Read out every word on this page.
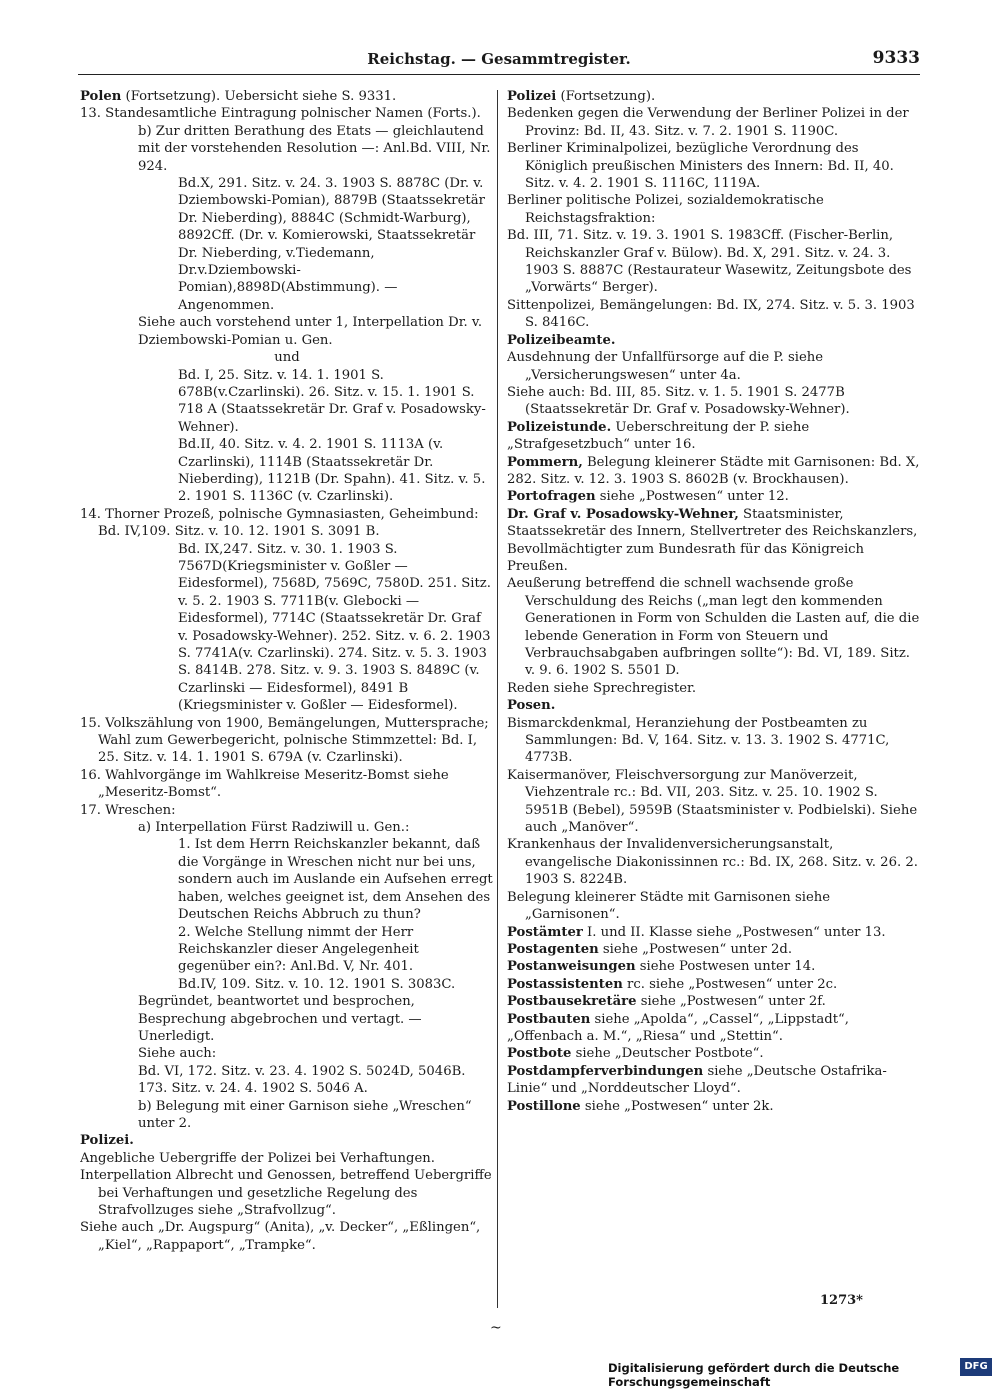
Reichstag. — Gesammtregister.	9333

Polen (Fortsetzung). Uebersicht siehe S. 9331.

13. Standesamtliche Eintragung polnischer Namen (Forts.).

b) Zur dritten Berathung des Etats — gleichlautend mit der vorstehenden Resolution —: Anl.Bd. VIII, Nr. 924.

Bd.X, 291. Sitz. v. 24. 3. 1903 S. 8878C (Dr. v. Dziembowski-Pomian), 8879B (Staatssekretär Dr. Nieberding), 8884C (Schmidt-Warburg), 8892Cff. (Dr. v. Komierowski, Staatssekretär Dr. Nieberding, v.Tiedemann, Dr.v.Dziembowski-Pomian),8898D(Abstimmung). — Angenommen.

Siehe auch vorstehend unter 1, Interpellation Dr. v. Dziembowski-Pomian u. Gen.

und

Bd. I, 25. Sitz. v. 14. 1. 1901 S. 678B(v.Czarlinski). 26. Sitz. v. 15. 1. 1901 S. 718 A (Staatssekretär Dr. Graf v. Posadowsky-Wehner).

Bd.II, 40. Sitz. v. 4. 2. 1901 S. 1113A (v. Czarlinski), 1114B (Staatssekretär Dr. Nieberding), 1121B (Dr. Spahn). 41. Sitz. v. 5. 2. 1901 S. 1136C (v. Czarlinski).

14. Thorner Prozeß, polnische Gymnasiasten, Geheimbund: Bd. IV,109. Sitz. v. 10. 12. 1901 S. 3091 B.

Bd. IX,247. Sitz. v. 30. 1. 1903 S. 7567D(Kriegsminister v. Goßler — Eidesformel), 7568D, 7569C, 7580D. 251. Sitz. v. 5. 2. 1903 S. 7711B(v. Glebocki — Eidesformel), 7714C (Staatssekretär Dr. Graf v. Posadowsky-Wehner). 252. Sitz. v. 6. 2. 1903 S. 7741A(v. Czarlinski). 274. Sitz. v. 5. 3. 1903 S. 8414B. 278. Sitz. v. 9. 3. 1903 S. 8489C (v. Czarlinski — Eidesformel), 8491 B (Kriegsminister v. Goßler — Eidesformel).

15. Volkszählung von 1900, Bemängelungen, Muttersprache; Wahl zum Gewerbegericht, polnische Stimmzettel: Bd. I, 25. Sitz. v. 14. 1. 1901 S. 679A (v. Czarlinski).

16. Wahlvorgänge im Wahlkreise Meseritz-Bomst siehe „Meseritz-Bomst“.

17. Wreschen:

a) Interpellation Fürst Radziwill u. Gen.:

1. Ist dem Herrn Reichskanzler bekannt, daß die Vorgänge in Wreschen nicht nur bei uns, sondern auch im Auslande ein Aufsehen erregt haben, welches geeignet ist, dem Ansehen des Deutschen Reichs Abbruch zu thun?

2. Welche Stellung nimmt der Herr Reichskanzler dieser Angelegenheit gegenüber ein?: Anl.Bd. V, Nr. 401.

Bd.IV, 109. Sitz. v. 10. 12. 1901 S. 3083C.

Begründet, beantwortet und besprochen, Besprechung abgebrochen und vertagt. — Unerledigt.

Siehe auch:

Bd. VI, 172. Sitz. v. 23. 4. 1902 S. 5024D, 5046B. 173. Sitz. v. 24. 4. 1902 S. 5046 A.

b) Belegung mit einer Garnison siehe „Wreschen“ unter 2.

Polizei.

Angebliche Uebergriffe der Polizei bei Verhaftungen.

Interpellation Albrecht und Genossen, betreffend Uebergriffe bei Verhaftungen und gesetzliche Regelung des Strafvollzuges siehe „Strafvollzug“.

Siehe auch „Dr. Augspurg“ (Anita), „v. Decker“, „Eßlingen“, „Kiel“, „Rappaport“, „Trampke“.

Polizei (Fortsetzung).

Bedenken gegen die Verwendung der Berliner Polizei in der Provinz: Bd. II, 43. Sitz. v. 7. 2. 1901 S. 1190C.

Berliner Kriminalpolizei, bezügliche Verordnung des Königlich preußischen Ministers des Innern: Bd. II, 40. Sitz. v. 4. 2. 1901 S. 1116C, 1119A.

Berliner politische Polizei, sozialdemokratische Reichstagsfraktion:

Bd. III, 71. Sitz. v. 19. 3. 1901 S. 1983Cff. (Fischer-Berlin, Reichskanzler Graf v. Bülow). Bd. X, 291. Sitz. v. 24. 3. 1903 S. 8887C (Restaurateur Wasewitz, Zeitungsbote des „Vorwärts“ Berger).

Sittenpolizei, Bemängelungen: Bd. IX, 274. Sitz. v. 5. 3. 1903 S. 8416C.

Polizeibeamte.

Ausdehnung der Unfallfürsorge auf die P. siehe „Versicherungswesen“ unter 4a.

Siehe auch: Bd. III, 85. Sitz. v. 1. 5. 1901 S. 2477B (Staatssekretär Dr. Graf v. Posadowsky-Wehner).

Polizeistunde. Ueberschreitung der P. siehe „Strafgesetzbuch“ unter 16.

Pommern, Belegung kleinerer Städte mit Garnisonen: Bd. X, 282. Sitz. v. 12. 3. 1903 S. 8602B (v. Brockhausen).

Portofragen siehe „Postwesen“ unter 12.

Dr. Graf v. Posadowsky-Wehner, Staatsminister, Staatssekretär des Innern, Stellvertreter des Reichskanzlers, Bevollmächtigter zum Bundesrath für das Königreich Preußen.

Aeußerung betreffend die schnell wachsende große Verschuldung des Reichs („man legt den kommenden Generationen in Form von Schulden die Lasten auf, die die lebende Generation in Form von Steuern und Verbrauchsabgaben aufbringen sollte“): Bd. VI, 189. Sitz. v. 9. 6. 1902 S. 5501 D.

Reden siehe Sprechregister.

Posen.

Bismarckdenkmal, Heranziehung der Postbeamten zu Sammlungen: Bd. V, 164. Sitz. v. 13. 3. 1902 S. 4771C, 4773B.

Kaisermanöver, Fleischversorgung zur Manöverzeit, Viehzentrale rc.: Bd. VII, 203. Sitz. v. 25. 10. 1902 S. 5951B (Bebel), 5959B (Staatsminister v. Podbielski). Siehe auch „Manöver“.

Krankenhaus der Invalidenversicherungsanstalt, evangelische Diakonissinnen rc.: Bd. IX, 268. Sitz. v. 26. 2. 1903 S. 8224B.

Belegung kleinerer Städte mit Garnisonen siehe „Garnisonen“.

Postämter I. und II. Klasse siehe „Postwesen“ unter 13.

Postagenten siehe „Postwesen“ unter 2d.

Postanweisungen siehe Postwesen unter 14.

Postassistenten rc. siehe „Postwesen“ unter 2c.

Postbausekretäre siehe „Postwesen“ unter 2f.

Postbauten siehe „Apolda“, „Cassel“, „Lippstadt“, „Offenbach a. M.“, „Riesa“ und „Stettin“.

Postbote siehe „Deutscher Postbote“.

Postdampferverbindungen siehe „Deutsche Ostafrika-Linie“ und „Norddeutscher Lloyd“.

Postillone siehe „Postwesen“ unter 2k.

1273*
~
Digitalisierung gefördert durch die Deutsche Forschungsgemeinschaft
DFG
